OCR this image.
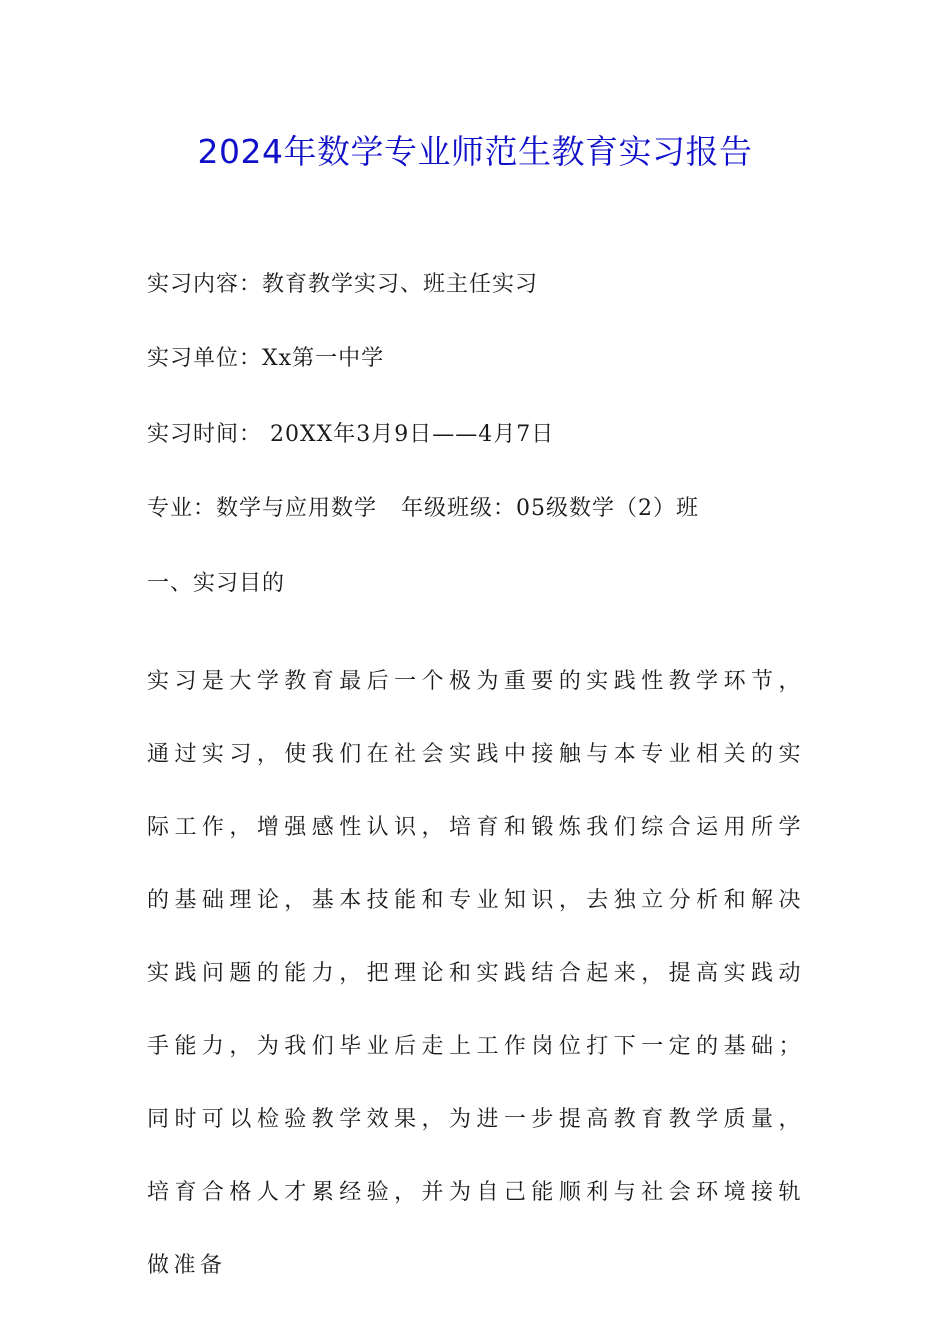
2024年数学专业师范生教育实习报告
实习内容：教育教学实习、班主任实习
实习单位：Xx第一中学
实习时间： 20XX年3月9日——4月7日
专业：数学与应用数学   年级班级：05级数学（2）班
一、实习目的

实习是大学教育最后一个极为重要的实践性教学环节，通过实习，使我们在社会实践中接触与本专业相关的实际工作，增强感性认识，培育和锻炼我们综合运用所学的基础理论，基本技能和专业知识，去独立分析和解决实践问题的能力，把理论和实践结合起来，提高实践动手能力，为我们毕业后走上工作岗位打下一定的基础；同时可以检验教学效果，为进一步提高教育教学质量，培育合格人才累经验，并为自己能顺利与社会环境接轨做准备
